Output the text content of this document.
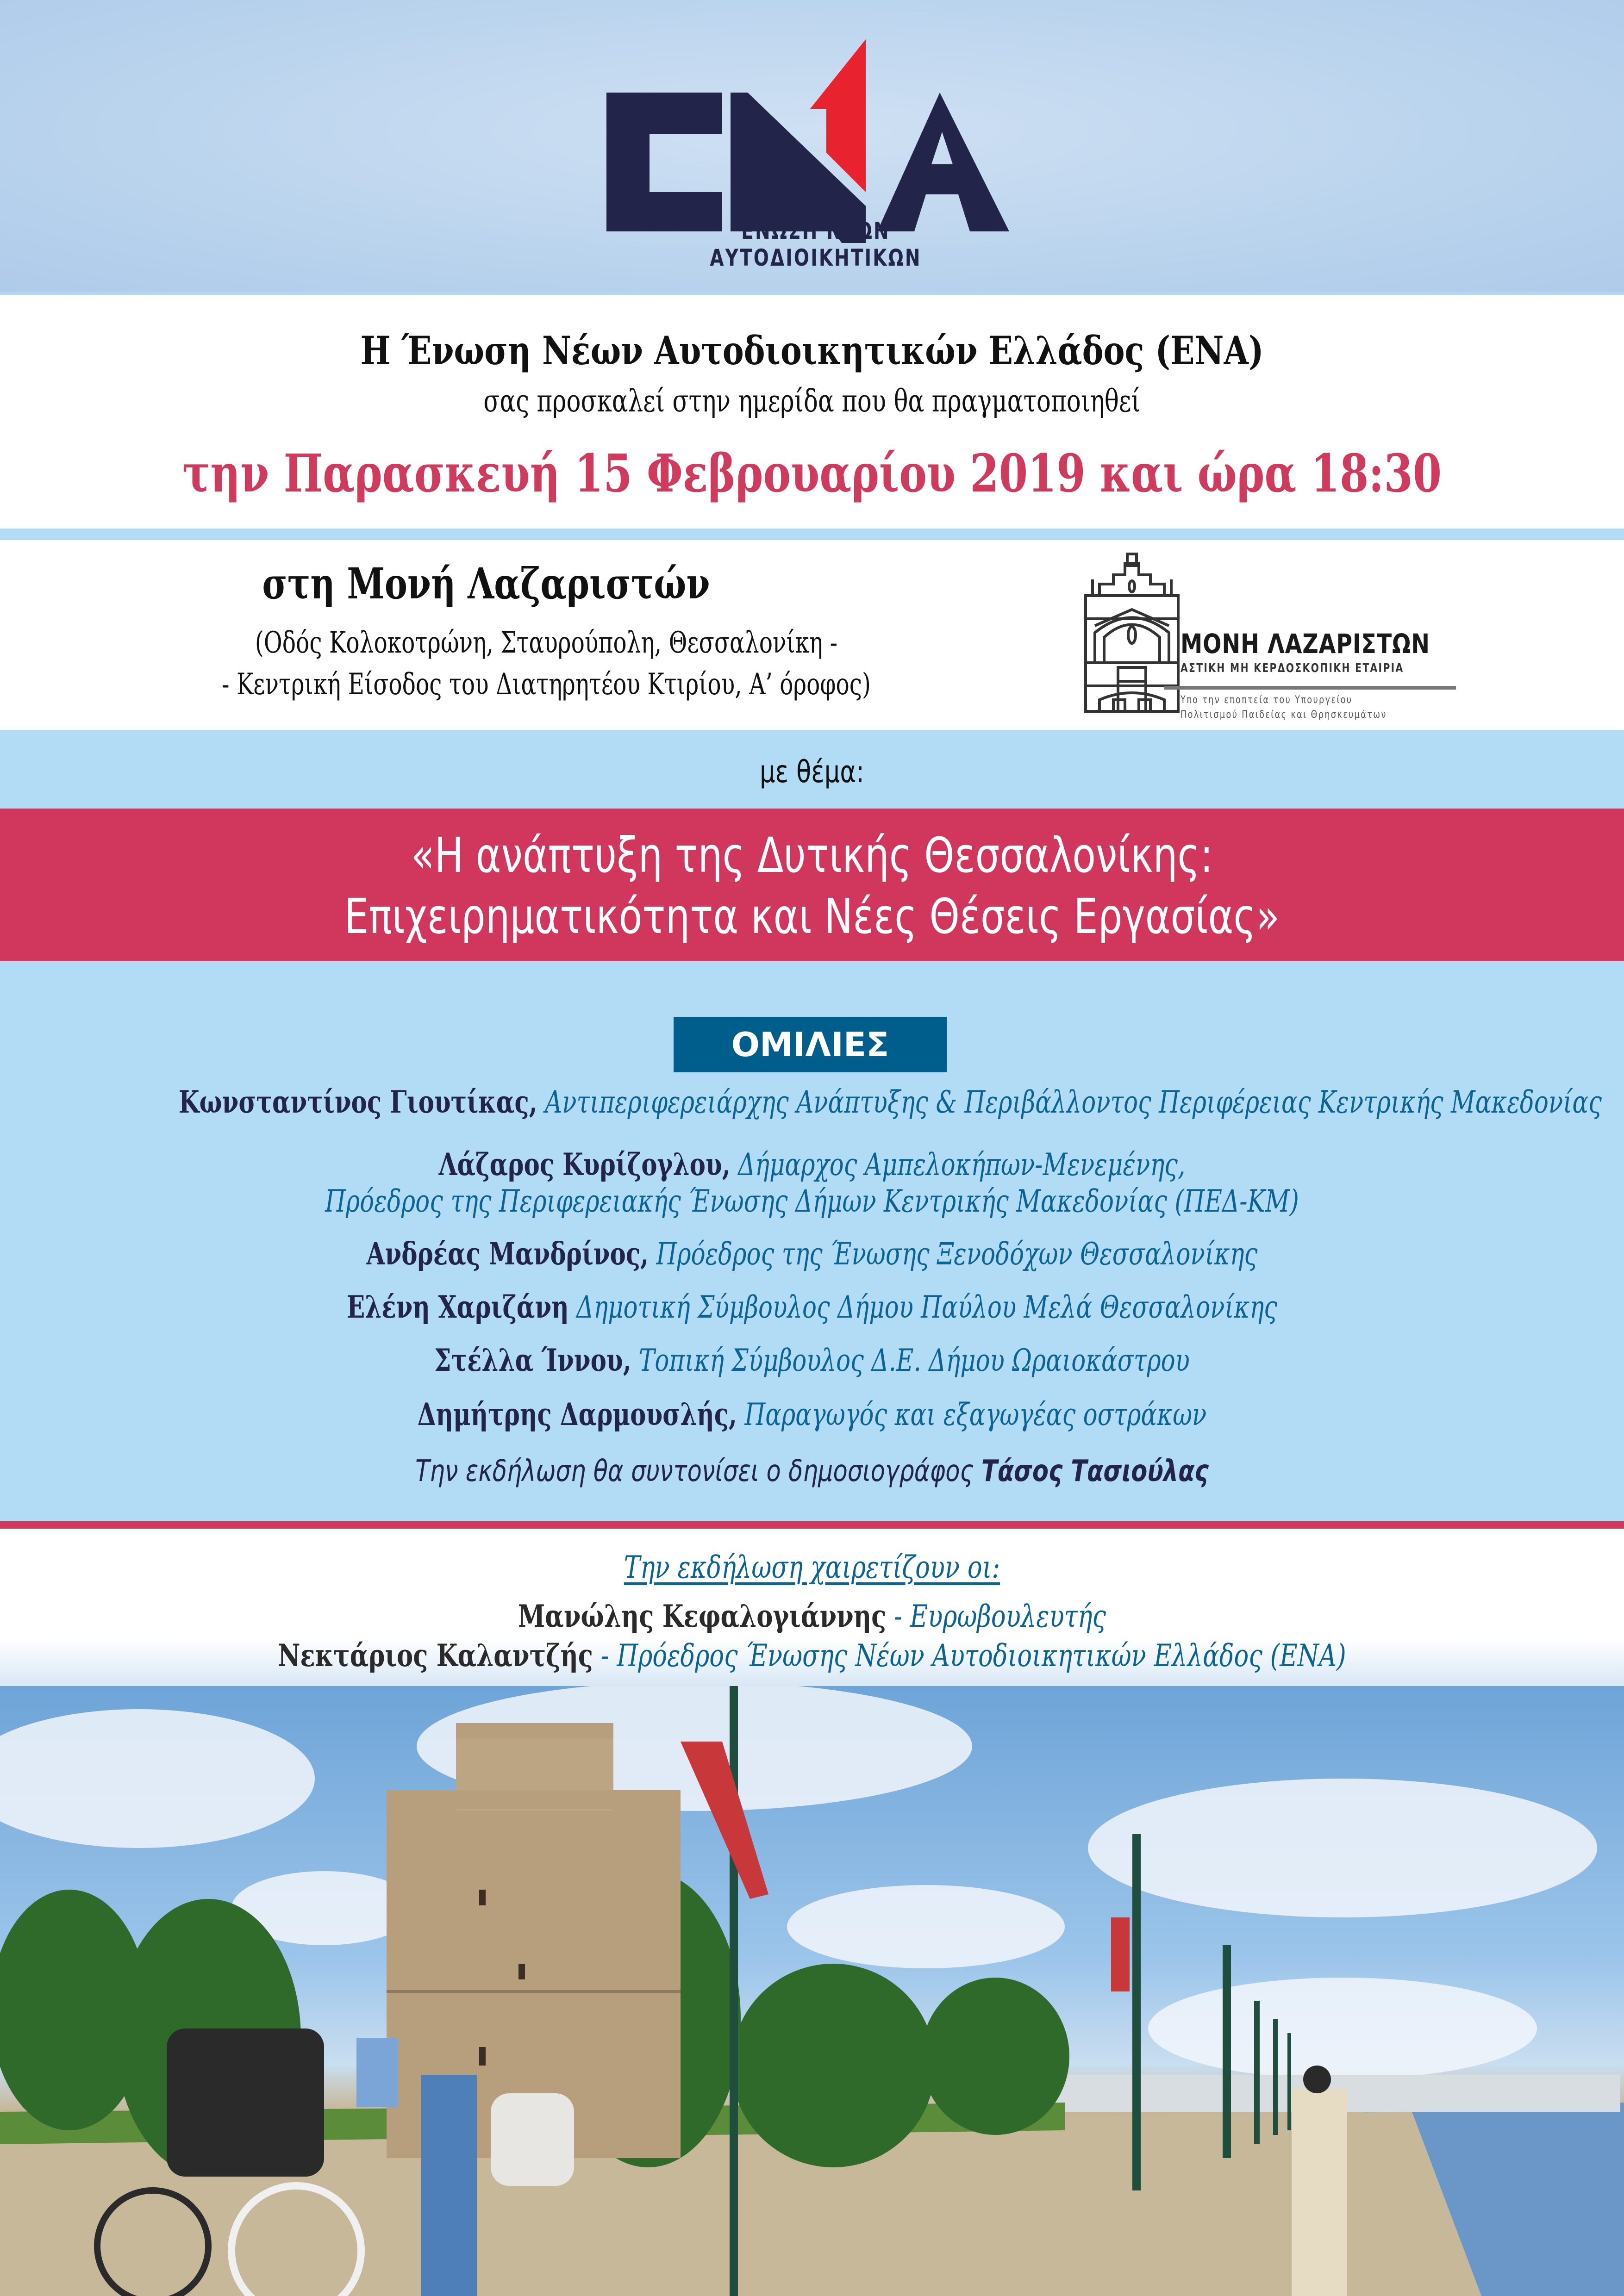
ΕΝΩΣΗ ΝΕΩΝ ΑΥΤΟΔΙΟΙΚΗΤΙΚΩΝ
Η Ένωση Νέων Αυτοδιοικητικών Ελλάδος (ΕΝΑ)
σας προσκαλεί στην ημερίδα που θα πραγματοποιηθεί
την Παρασκευή 15 Φεβρουαρίου 2019 και ώρα 18:30
στη Μονή Λαζαριστών
(Οδός Κολοκοτρώνη, Σταυρούπολη, Θεσσαλονίκη -
- Κεντρική Είσοδος του Διατηρητέου Κτιρίου, Α’ όροφος)
ΜΟΝΗ ΛΑΖΑΡΙΣΤΩΝ
ΑΣΤΙΚΗ ΜΗ ΚΕΡΔΟΣΚΟΠΙΚΗ ΕΤΑΙΡΙΑ
Υπο την εποπτεία του Υπουργείου
Πολιτισμού Παιδείας και Θρησκευμάτων
με θέμα:
«Η ανάπτυξη της Δυτικής Θεσσαλονίκης:
Επιχειρηματικότητα και Νέες Θέσεις Εργασίας»
ΟΜΙΛΙΕΣ
Κωνσταντίνος Γιουτίκας, Αντιπεριφερειάρχης Ανάπτυξης & Περιβάλλοντος Περιφέρειας Κεντρικής Μακεδονίας
Λάζαρος Κυρίζογλου, Δήμαρχος Αμπελοκήπων-Μενεμένης,
Πρόεδρος της Περιφερειακής Ένωσης Δήμων Κεντρικής Μακεδονίας (ΠΕΔ-ΚΜ)
Ανδρέας Μανδρίνος, Πρόεδρος της Ένωσης Ξενοδόχων Θεσσαλονίκης
Ελένη Χαριζάνη Δημοτική Σύμβουλος Δήμου Παύλου Μελά Θεσσαλονίκης
Στέλλα Ίννου, Τοπική Σύμβουλος Δ.Ε. Δήμου Ωραιοκάστρου
Δημήτρης Δαρμουσλής, Παραγωγός και εξαγωγέας οστράκων
Την εκδήλωση θα συντονίσει ο δημοσιογράφος Τάσος Τασιούλας
Την εκδήλωση χαιρετίζουν οι:
Μανώλης Κεφαλογιάννης - Ευρωβουλευτής
Νεκτάριος Καλαντζής - Πρόεδρος Ένωσης Νέων Αυτοδιοικητικών Ελλάδος (ΕΝΑ)
